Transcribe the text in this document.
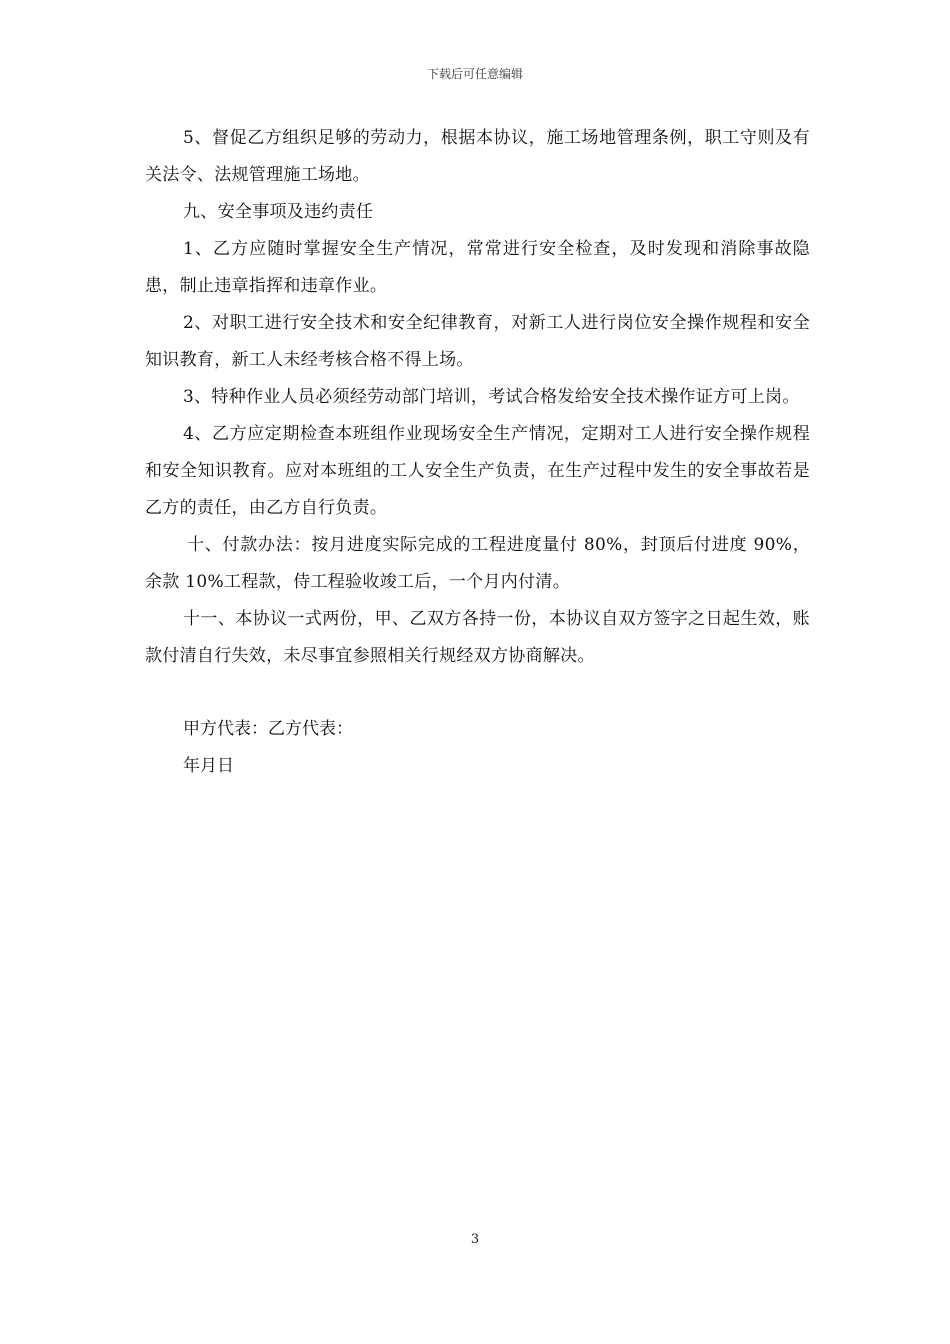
下载后可任意编辑

5、督促乙方组织足够的劳动力，根据本协议，施工场地管理条例，职工守则及有关法令、法规管理施工场地。

九、安全事项及违约责任

1、乙方应随时掌握安全生产情况，常常进行安全检查，及时发现和消除事故隐患，制止违章指挥和违章作业。

2、对职工进行安全技术和安全纪律教育，对新工人进行岗位安全操作规程和安全知识教育，新工人未经考核合格不得上场。

3、特种作业人员必须经劳动部门培训，考试合格发给安全技术操作证方可上岗。

4、乙方应定期检查本班组作业现场安全生产情况，定期对工人进行安全操作规程和安全知识教育。应对本班组的工人安全生产负责，在生产过程中发生的安全事故若是乙方的责任，由乙方自行负责。

十、付款办法：按月进度实际完成的工程进度量付 80%，封顶后付进度 90%，余款 10%工程款，侍工程验收竣工后，一个月内付清。

十一、本协议一式两份，甲、乙双方各持一份，本协议自双方签字之日起生效，账款付清自行失效，未尽事宜参照相关行规经双方协商解决。

甲方代表：乙方代表：

年月日

3
